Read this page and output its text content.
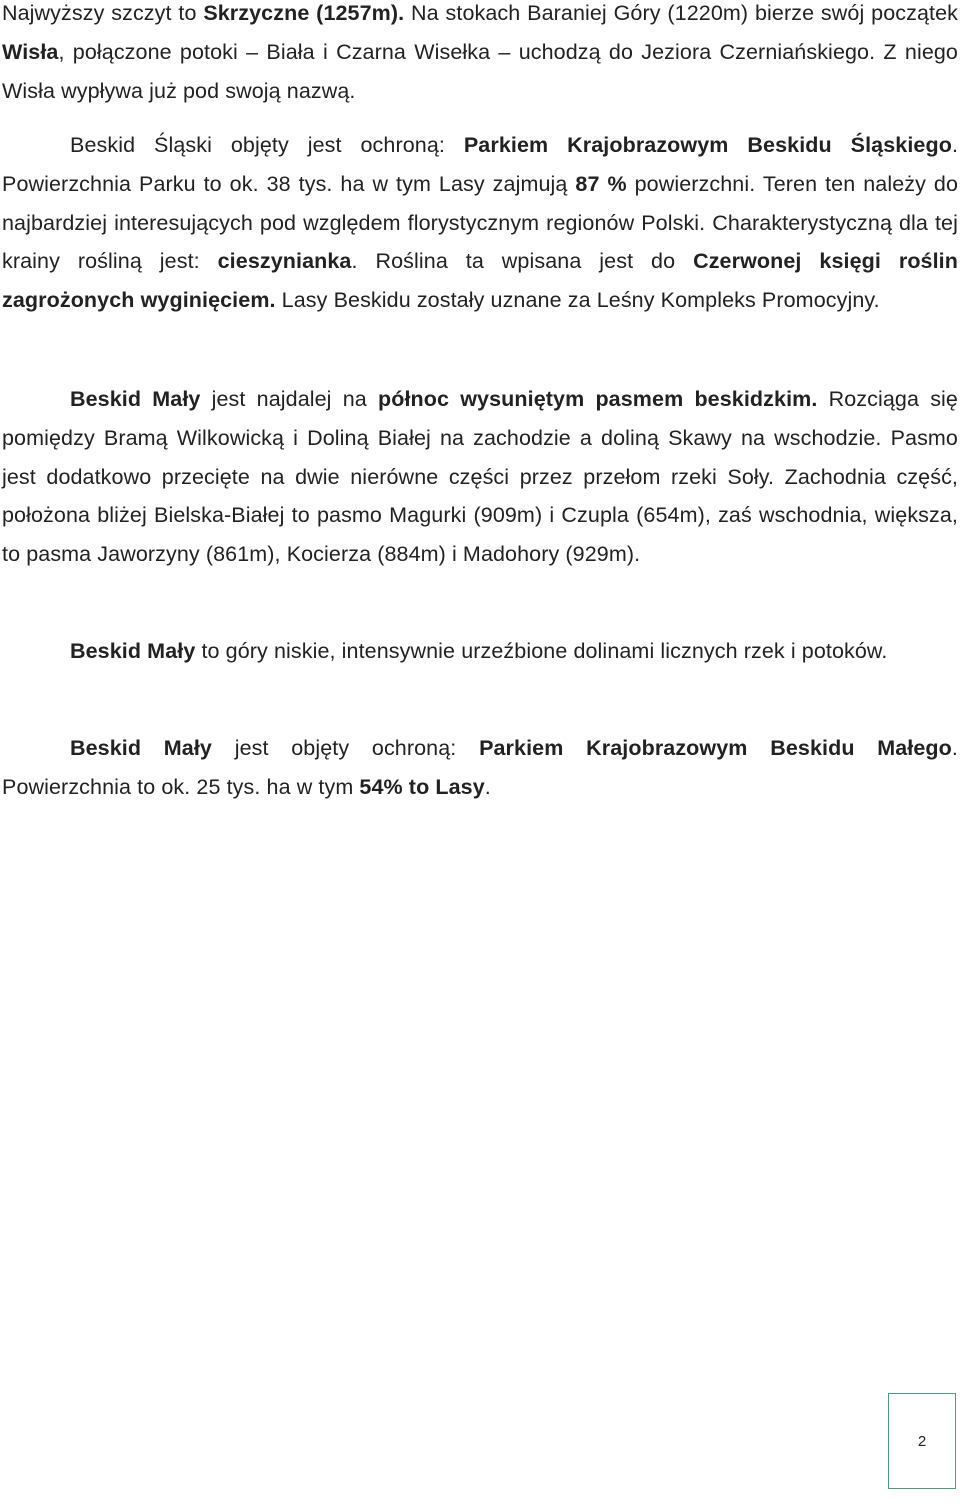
Najwyższy szczyt to Skrzyczne (1257m). Na stokach Baraniej Góry (1220m) bierze swój początek Wisła, połączone potoki – Biała i Czarna Wisełka – uchodzą do Jeziora Czerniańskiego. Z niego Wisła wypływa już pod swoją nazwą.

Beskid Śląski objęty jest ochroną: Parkiem Krajobrazowym Beskidu Śląskiego. Powierzchnia Parku to ok. 38 tys. ha w tym Lasy zajmują 87 % powierzchni. Teren ten należy do najbardziej interesujących pod względem florystycznym regionów Polski. Charakterystyczną dla tej krainy rośliną jest: cieszynianka. Roślina ta wpisana jest do Czerwonej księgi roślin zagrożonych wyginięciem. Lasy Beskidu zostały uznane za Leśny Kompleks Promocyjny.

Beskid Mały jest najdalej na północ wysuniętym pasmem beskidzkim. Rozciąga się pomiędzy Bramą Wilkowicką i Doliną Białej na zachodzie a doliną Skawy na wschodzie. Pasmo jest dodatkowo przecięte na dwie nierówne części przez przełom rzeki Soły. Zachodnia część, położona bliżej Bielska-Białej to pasmo Magurki (909m) i Czupla (654m), zaś wschodnia, większa, to pasma Jaworzyny (861m), Kocierza (884m) i Madohory (929m).

Beskid Mały to góry niskie, intensywnie urzeźbione dolinami licznych rzek i potoków.

Beskid Mały jest objęty ochroną: Parkiem Krajobrazowym Beskidu Małego. Powierzchnia to ok. 25 tys. ha w tym 54% to Lasy.

2
